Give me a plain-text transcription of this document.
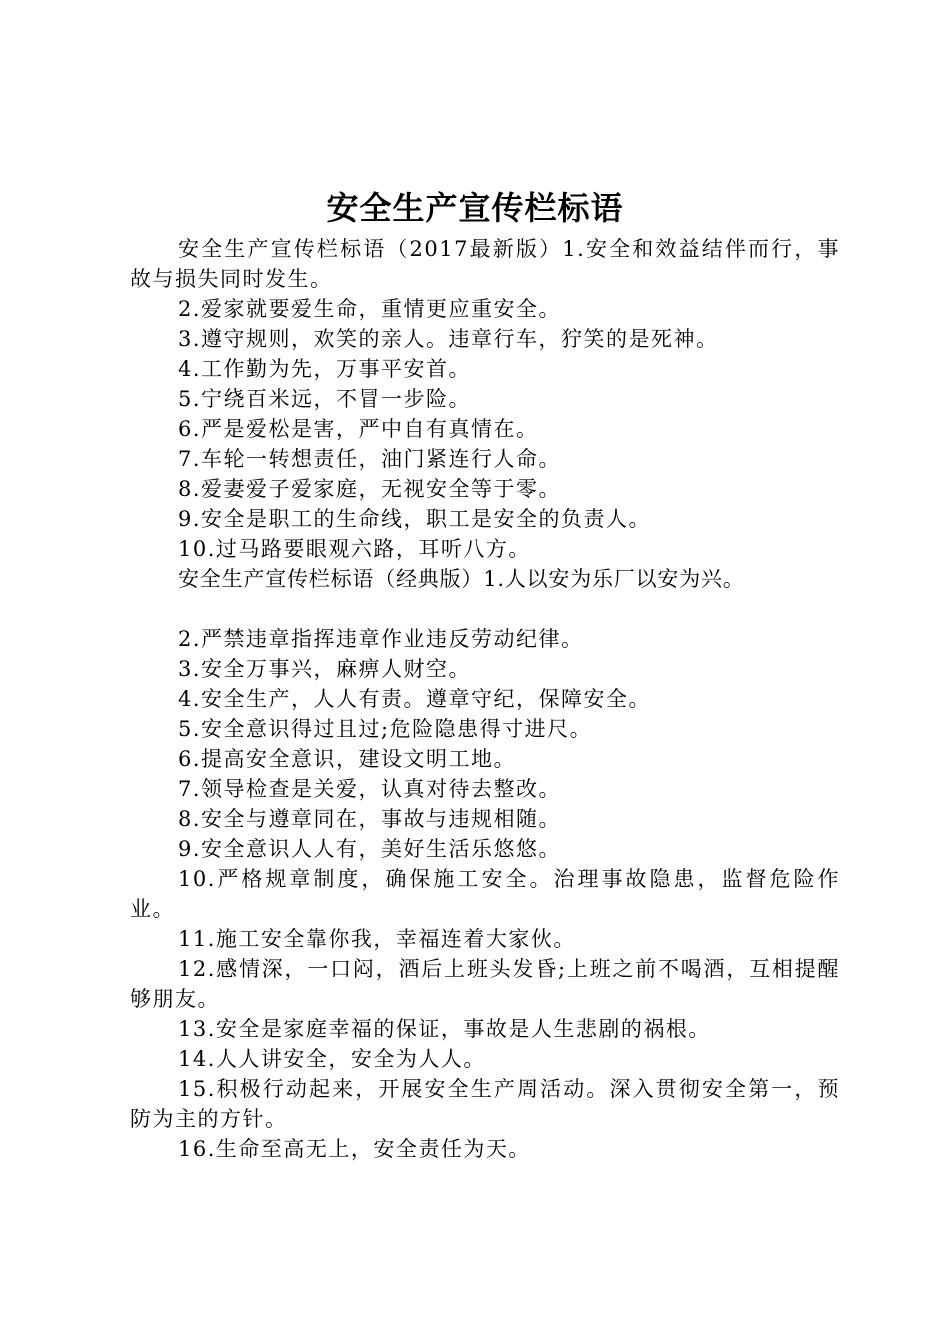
安全生产宣传栏标语

安全生产宣传栏标语（2017最新版）1.安全和效益结伴而行，事故与损失同时发生。

2.爱家就要爱生命，重情更应重安全。

3.遵守规则，欢笑的亲人。违章行车，狞笑的是死神。

4.工作勤为先，万事平安首。

5.宁绕百米远，不冒一步险。

6.严是爱松是害，严中自有真情在。

7.车轮一转想责任，油门紧连行人命。

8.爱妻爱子爱家庭，无视安全等于零。

9.安全是职工的生命线，职工是安全的负责人。

10.过马路要眼观六路，耳听八方。

安全生产宣传栏标语（经典版）1.人以安为乐厂以安为兴。

2.严禁违章指挥违章作业违反劳动纪律。

3.安全万事兴，麻痹人财空。

4.安全生产，人人有责。遵章守纪，保障安全。

5.安全意识得过且过;危险隐患得寸进尺。

6.提高安全意识，建设文明工地。

7.领导检查是关爱，认真对待去整改。

8.安全与遵章同在，事故与违规相随。

9.安全意识人人有，美好生活乐悠悠。

10.严格规章制度，确保施工安全。治理事故隐患，监督危险作业。

11.施工安全靠你我，幸福连着大家伙。

12.感情深，一口闷，酒后上班头发昏;上班之前不喝酒，互相提醒够朋友。

13.安全是家庭幸福的保证，事故是人生悲剧的祸根。

14.人人讲安全，安全为人人。

15.积极行动起来，开展安全生产周活动。深入贯彻安全第一，预防为主的方针。

16.生命至高无上，安全责任为天。
